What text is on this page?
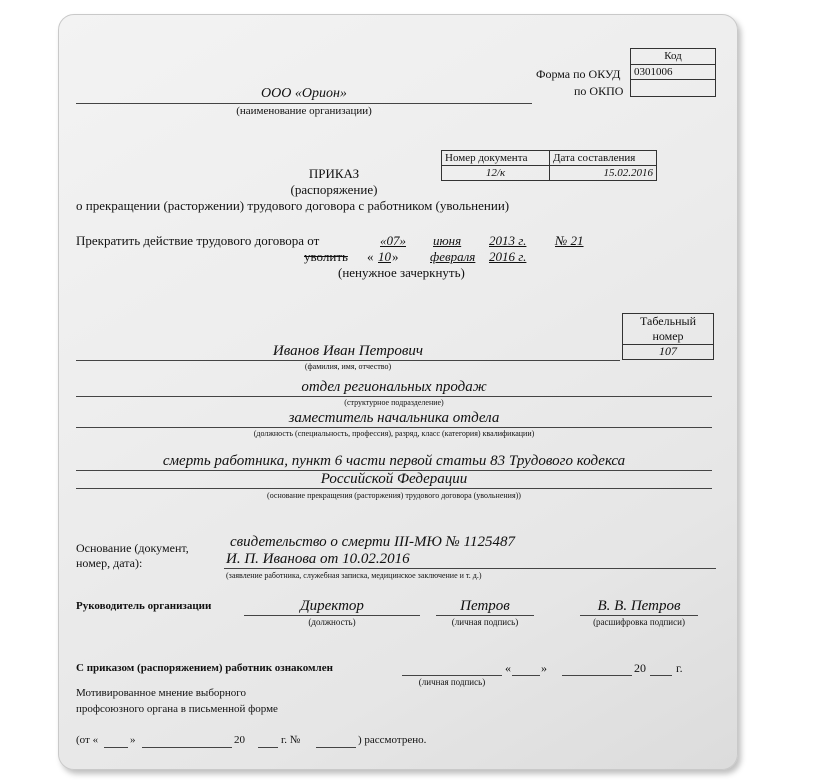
Код
0301006

Форма по ОКУД
по ОКПО
ООО «Орион»
(наименование организации)
Номер документа	Дата составления
12/к	15.02.2016
ПРИКАЗ
(распоряжение)
о прекращении (расторжении) трудового договора с работником (увольнении)
Прекратить действие трудового договора от	«07» июня 2013 г. № 21
уволить « 10 » февраля 2016 г.
(ненужное зачеркнуть)
Табельный номер
107
Иванов Иван Петрович
(фамилия, имя, отчество)
отдел региональных продаж
(структурное подразделение)
заместитель начальника отдела
(должность (специальность, профессия), разряд, класс (категория) квалификации)
смерть работника, пункт 6 части первой статьи 83 Трудового кодекса
Российской Федерации
(основание прекращения (расторжения) трудового договора (увольнения))
Основание (документ,
номер, дата):
свидетельство о смерти III-МЮ № 1125487
И. П. Иванова от 10.02.2016
(заявление работника, служебная записка, медицинское заключение и т. д.)
Руководитель организации	Директор
(должность)
Петров
(личная подпись)
В. В. Петров
(расшифровка подписи)
С приказом (распоряжением) работник ознакомлен
(личная подпись)
«	»	20	г.
Мотивированное мнение выборного
профсоюзного органа в письменной форме
(от «	»	20	г. №	) рассмотрено.
